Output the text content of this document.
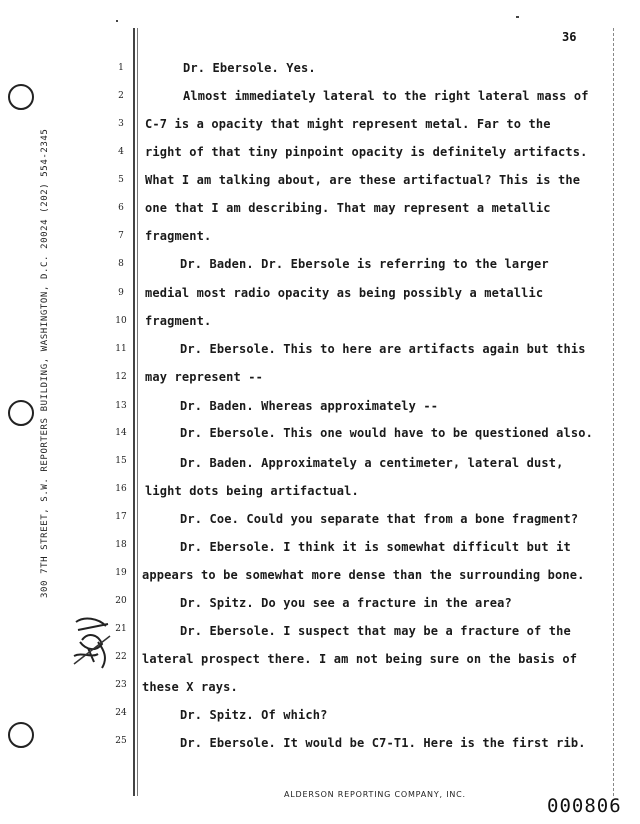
36
300 7TH STREET, S.W. REPORTERS BUILDING, WASHINGTON, D.C. 20024 (202) 554-2345
1
2
3
4
5
6
7
8
9
10
11
12
13
14
15
16
17
18
19
20
21
22
23
24
25
Dr. Ebersole. Yes.
Almost immediately lateral to the right lateral mass of
C-7 is a opacity that might represent metal. Far to the
right of that tiny pinpoint opacity is definitely artifacts.
What I am talking about, are these artifactual? This is the
one that I am describing. That may represent a metallic
fragment.
Dr. Baden. Dr. Ebersole is referring to the larger
medial most radio opacity as being possibly a metallic
fragment.
Dr. Ebersole. This to here are artifacts again but this
may represent --
Dr. Baden. Whereas approximately --
Dr. Ebersole. This one would have to be questioned also.
Dr. Baden. Approximately a centimeter, lateral dust,
light dots being artifactual.
Dr. Coe. Could you separate that from a bone fragment?
Dr. Ebersole. I think it is somewhat difficult but it
appears to be somewhat more dense than the surrounding bone.
Dr. Spitz. Do you see a fracture in the area?
Dr. Ebersole. I suspect that may be a fracture of the
lateral prospect there. I am not being sure on the basis of
these X rays.
Dr. Spitz. Of which?
Dr. Ebersole. It would be C7-T1. Here is the first rib.
ALDERSON REPORTING COMPANY, INC.
000806
